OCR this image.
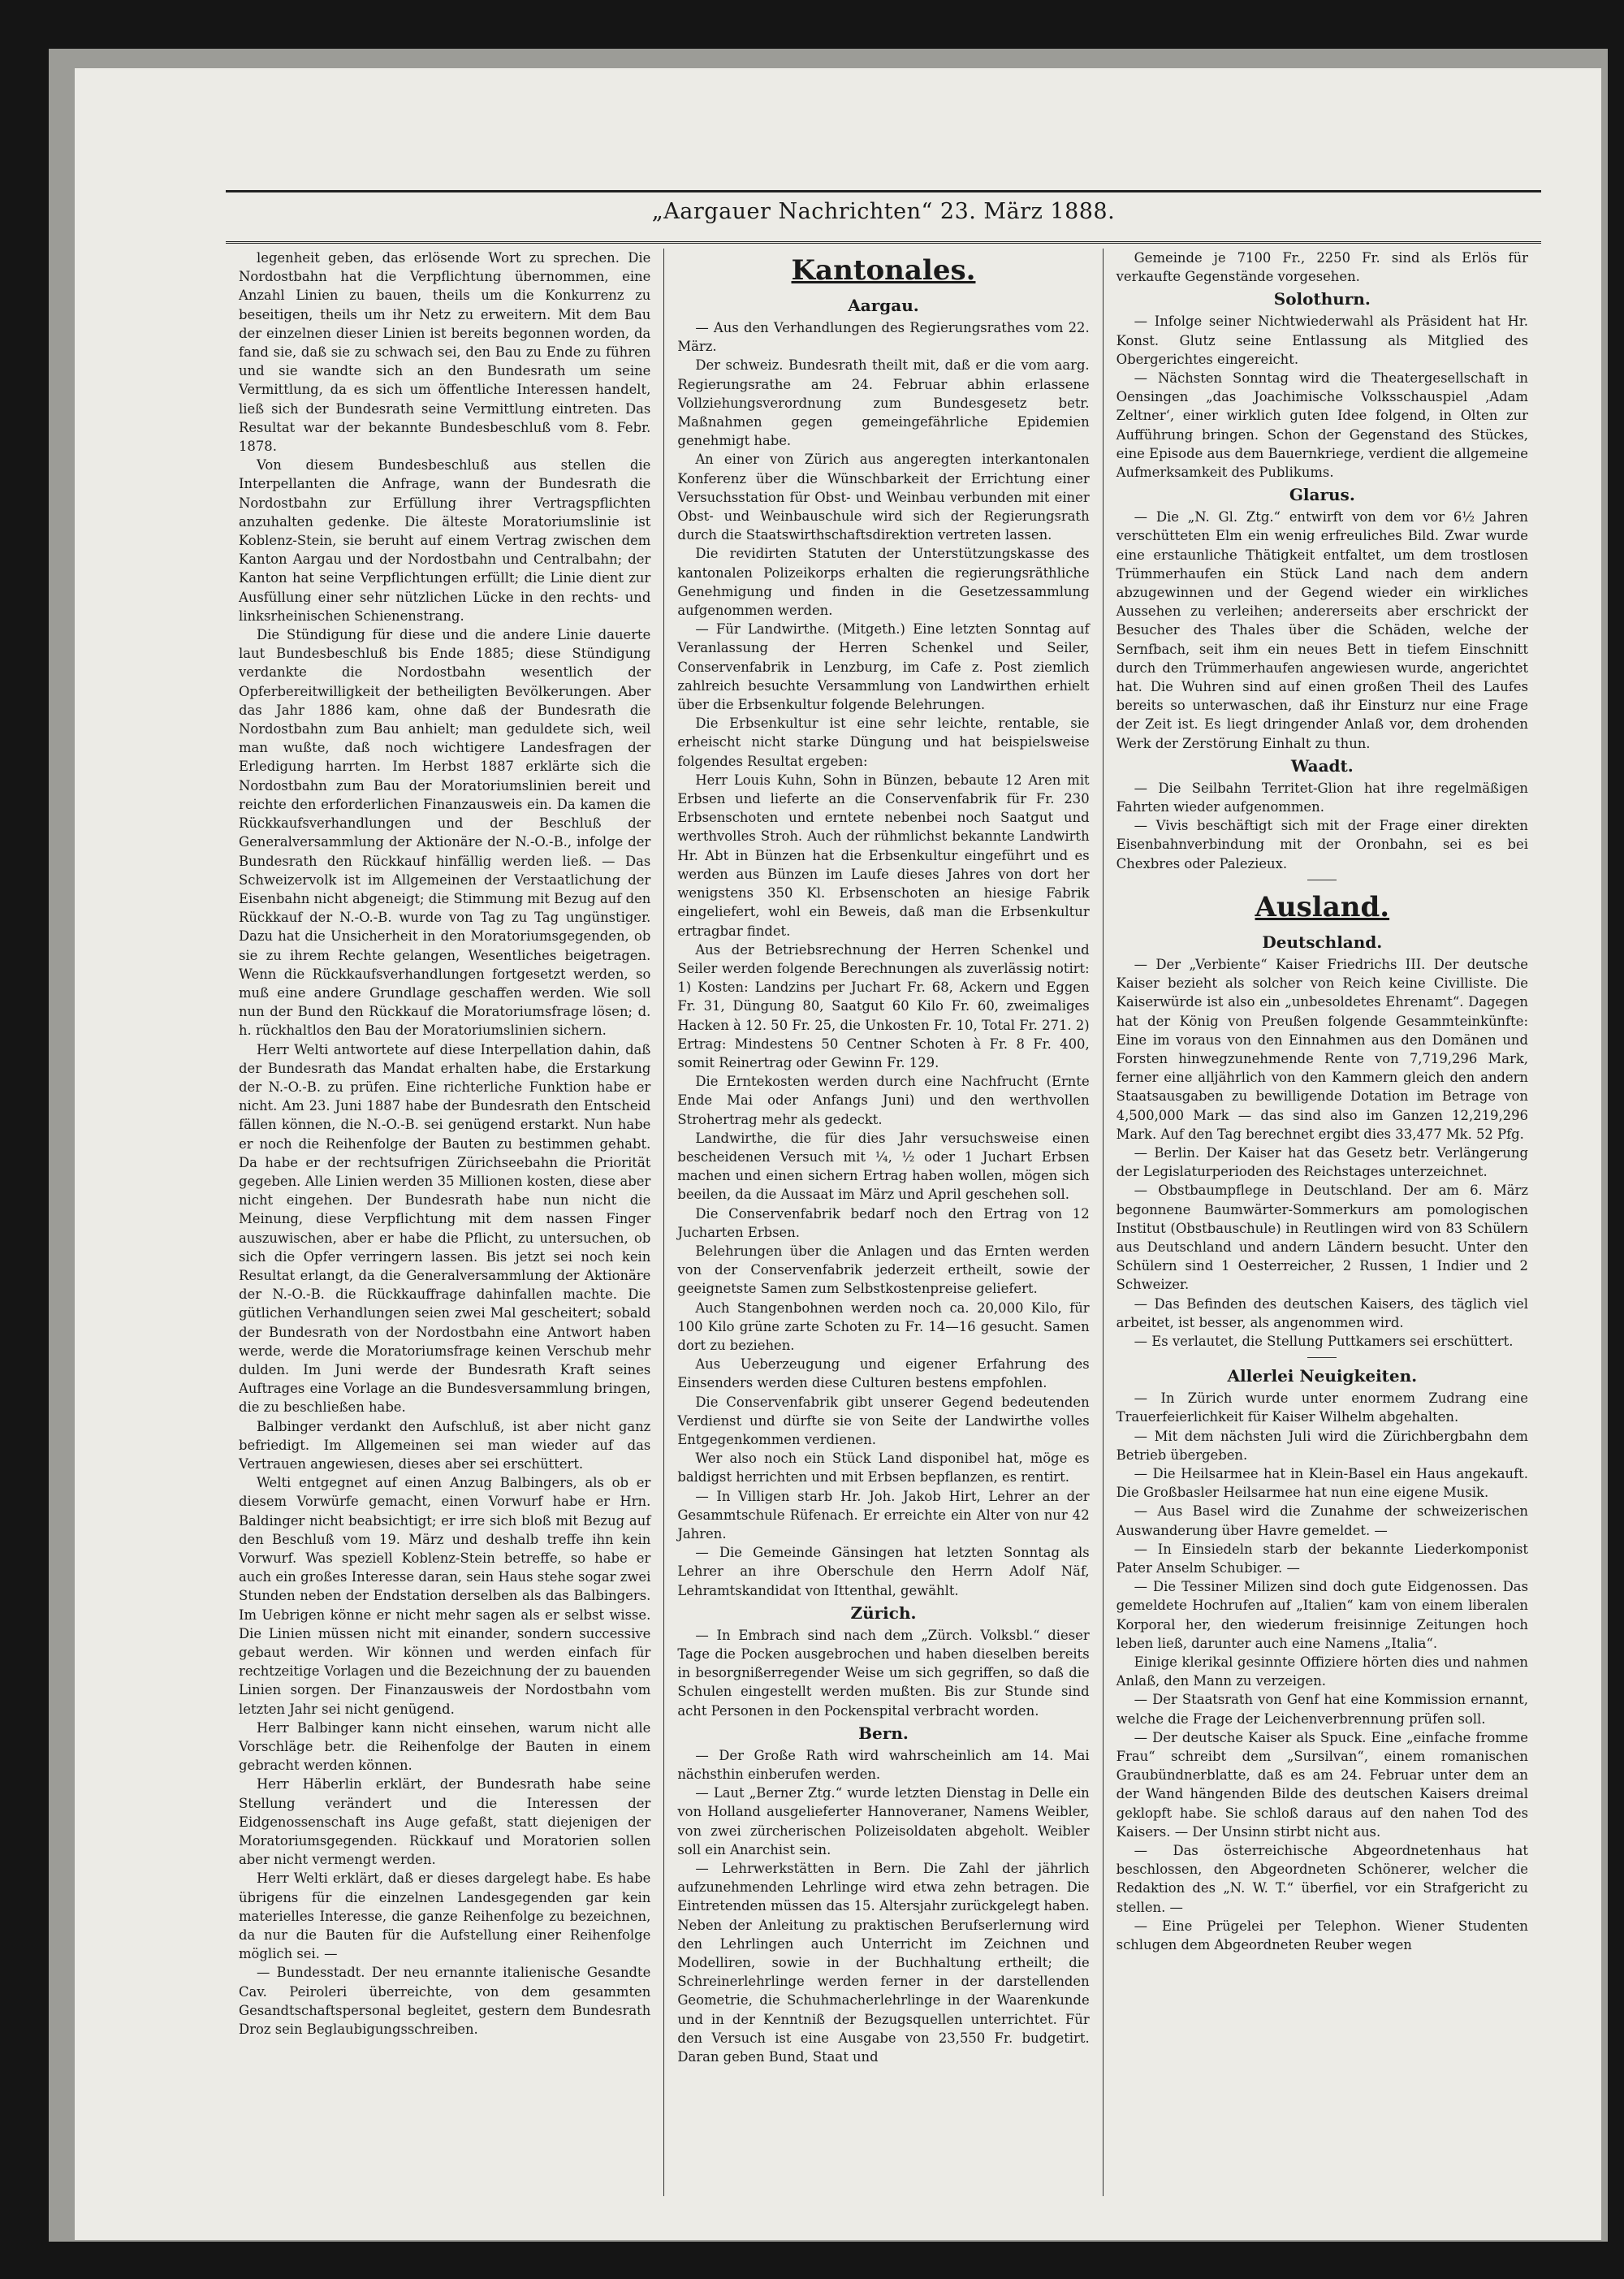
„Aargauer Nachrichten“ 23. März 1888.

legenheit geben, das erlösende Wort zu sprechen. Die Nordostbahn hat die Verpflichtung übernommen, eine Anzahl Linien zu bauen, theils um die Konkurrenz zu beseitigen, theils um ihr Netz zu erweitern. Mit dem Bau der einzelnen dieser Linien ist bereits begonnen worden, da fand sie, daß sie zu schwach sei, den Bau zu Ende zu führen und sie wandte sich an den Bundesrath um seine Vermittlung, da es sich um öffentliche Interessen handelt, ließ sich der Bundesrath seine Vermittlung eintreten. Das Resultat war der bekannte Bundesbeschluß vom 8. Febr. 1878.

Von diesem Bundesbeschluß aus stellen die Interpellanten die Anfrage, wann der Bundesrath die Nordostbahn zur Erfüllung ihrer Vertragspflichten anzuhalten gedenke. Die älteste Moratoriumslinie ist Koblenz-Stein, sie beruht auf einem Vertrag zwischen dem Kanton Aargau und der Nordostbahn und Centralbahn; der Kanton hat seine Verpflichtungen erfüllt; die Linie dient zur Ausfüllung einer sehr nützlichen Lücke in den rechts- und linksrheinischen Schienenstrang.

Die Stündigung für diese und die andere Linie dauerte laut Bundesbeschluß bis Ende 1885; diese Stündigung verdankte die Nordostbahn wesentlich der Opferbereitwilligkeit der betheiligten Bevölkerungen. Aber das Jahr 1886 kam, ohne daß der Bundesrath die Nordostbahn zum Bau anhielt; man geduldete sich, weil man wußte, daß noch wichtigere Landesfragen der Erledigung harrten. Im Herbst 1887 erklärte sich die Nordostbahn zum Bau der Moratoriumslinien bereit und reichte den erforderlichen Finanzausweis ein. Da kamen die Rückkaufsverhandlungen und der Beschluß der Generalversammlung der Aktionäre der N.-O.-B., infolge der Bundesrath den Rückkauf hinfällig werden ließ. — Das Schweizervolk ist im Allgemeinen der Verstaatlichung der Eisenbahn nicht abgeneigt; die Stimmung mit Bezug auf den Rückkauf der N.-O.-B. wurde von Tag zu Tag ungünstiger. Dazu hat die Unsicherheit in den Moratoriumsgegenden, ob sie zu ihrem Rechte gelangen, Wesentliches beigetragen. Wenn die Rückkaufsverhandlungen fortgesetzt werden, so muß eine andere Grundlage geschaffen werden. Wie soll nun der Bund den Rückkauf die Moratoriumsfrage lösen; d. h. rückhaltlos den Bau der Moratoriumslinien sichern.

Herr Welti antwortete auf diese Interpellation dahin, daß der Bundesrath das Mandat erhalten habe, die Erstarkung der N.-O.-B. zu prüfen. Eine richterliche Funktion habe er nicht. Am 23. Juni 1887 habe der Bundesrath den Entscheid fällen können, die N.-O.-B. sei genügend erstarkt. Nun habe er noch die Reihenfolge der Bauten zu bestimmen gehabt. Da habe er der rechtsufrigen Zürichseebahn die Priorität gegeben. Alle Linien werden 35 Millionen kosten, diese aber nicht eingehen. Der Bundesrath habe nun nicht die Meinung, diese Verpflichtung mit dem nassen Finger auszuwischen, aber er habe die Pflicht, zu untersuchen, ob sich die Opfer verringern lassen. Bis jetzt sei noch kein Resultat erlangt, da die Generalversammlung der Aktionäre der N.-O.-B. die Rückkauffrage dahinfallen machte. Die gütlichen Verhandlungen seien zwei Mal gescheitert; sobald der Bundesrath von der Nordostbahn eine Antwort haben werde, werde die Moratoriumsfrage keinen Verschub mehr dulden. Im Juni werde der Bundesrath Kraft seines Auftrages eine Vorlage an die Bundesversammlung bringen, die zu beschließen habe.

Balbinger verdankt den Aufschluß, ist aber nicht ganz befriedigt. Im Allgemeinen sei man wieder auf das Vertrauen angewiesen, dieses aber sei erschüttert.

Welti entgegnet auf einen Anzug Balbingers, als ob er diesem Vorwürfe gemacht, einen Vorwurf habe er Hrn. Baldinger nicht beabsichtigt; er irre sich bloß mit Bezug auf den Beschluß vom 19. März und deshalb treffe ihn kein Vorwurf. Was speziell Koblenz-Stein betreffe, so habe er auch ein großes Interesse daran, sein Haus stehe sogar zwei Stunden neben der Endstation derselben als das Balbingers. Im Uebrigen könne er nicht mehr sagen als er selbst wisse. Die Linien müssen nicht mit einander, sondern successive gebaut werden. Wir können und werden einfach für rechtzeitige Vorlagen und die Bezeichnung der zu bauenden Linien sorgen. Der Finanzausweis der Nordostbahn vom letzten Jahr sei nicht genügend.

Herr Balbinger kann nicht einsehen, warum nicht alle Vorschläge betr. die Reihenfolge der Bauten in einem gebracht werden können.

Herr Häberlin erklärt, der Bundesrath habe seine Stellung verändert und die Interessen der Eidgenossenschaft ins Auge gefaßt, statt diejenigen der Moratoriumsgegenden. Rückkauf und Moratorien sollen aber nicht vermengt werden.

Herr Welti erklärt, daß er dieses dargelegt habe. Es habe übrigens für die einzelnen Landesgegenden gar kein materielles Interesse, die ganze Reihenfolge zu bezeichnen, da nur die Bauten für die Aufstellung einer Reihenfolge möglich sei. —

— Bundesstadt. Der neu ernannte italienische Gesandte Cav. Peiroleri überreichte, von dem gesammten Gesandtschaftspersonal begleitet, gestern dem Bundesrath Droz sein Beglaubigungsschreiben.

Kantonales.
Aargau.

— Aus den Verhandlungen des Regierungsrathes vom 22. März.

Der schweiz. Bundesrath theilt mit, daß er die vom aarg. Regierungsrathe am 24. Februar abhin erlassene Vollziehungsverordnung zum Bundesgesetz betr. Maßnahmen gegen gemeingefährliche Epidemien genehmigt habe.

An einer von Zürich aus angeregten interkantonalen Konferenz über die Wünschbarkeit der Errichtung einer Versuchsstation für Obst- und Weinbau verbunden mit einer Obst- und Weinbauschule wird sich der Regierungsrath durch die Staatswirthschaftsdirektion vertreten lassen.

Die revidirten Statuten der Unterstützungskasse des kantonalen Polizeikorps erhalten die regierungsräthliche Genehmigung und finden in die Gesetzessammlung aufgenommen werden.

— Für Landwirthe. (Mitgeth.) Eine letzten Sonntag auf Veranlassung der Herren Schenkel und Seiler, Conservenfabrik in Lenzburg, im Cafe z. Post ziemlich zahlreich besuchte Versammlung von Landwirthen erhielt über die Erbsenkultur folgende Belehrungen.

Die Erbsenkultur ist eine sehr leichte, rentable, sie erheischt nicht starke Düngung und hat beispielsweise folgendes Resultat ergeben:

Herr Louis Kuhn, Sohn in Bünzen, bebaute 12 Aren mit Erbsen und lieferte an die Conservenfabrik für Fr. 230 Erbsenschoten und erntete nebenbei noch Saatgut und werthvolles Stroh. Auch der rühmlichst bekannte Landwirth Hr. Abt in Bünzen hat die Erbsenkultur eingeführt und es werden aus Bünzen im Laufe dieses Jahres von dort her wenigstens 350 Kl. Erbsenschoten an hiesige Fabrik eingeliefert, wohl ein Beweis, daß man die Erbsenkultur ertragbar findet.

Aus der Betriebsrechnung der Herren Schenkel und Seiler werden folgende Berechnungen als zuverlässig notirt: 1) Kosten: Landzins per Juchart Fr. 68, Ackern und Eggen Fr. 31, Düngung 80, Saatgut 60 Kilo Fr. 60, zweimaliges Hacken à 12. 50 Fr. 25, die Unkosten Fr. 10, Total Fr. 271. 2) Ertrag: Mindestens 50 Centner Schoten à Fr. 8 Fr. 400, somit Reinertrag oder Gewinn Fr. 129.

Die Erntekosten werden durch eine Nachfrucht (Ernte Ende Mai oder Anfangs Juni) und den werthvollen Strohertrag mehr als gedeckt.

Landwirthe, die für dies Jahr versuchsweise einen bescheidenen Versuch mit ¼, ½ oder 1 Juchart Erbsen machen und einen sichern Ertrag haben wollen, mögen sich beeilen, da die Aussaat im März und April geschehen soll.

Die Conservenfabrik bedarf noch den Ertrag von 12 Jucharten Erbsen.

Belehrungen über die Anlagen und das Ernten werden von der Conservenfabrik jederzeit ertheilt, sowie der geeignetste Samen zum Selbstkostenpreise geliefert.

Auch Stangenbohnen werden noch ca. 20,000 Kilo, für 100 Kilo grüne zarte Schoten zu Fr. 14—16 gesucht. Samen dort zu beziehen.

Aus Ueberzeugung und eigener Erfahrung des Einsenders werden diese Culturen bestens empfohlen.

Die Conservenfabrik gibt unserer Gegend bedeutenden Verdienst und dürfte sie von Seite der Landwirthe volles Entgegenkommen verdienen.

Wer also noch ein Stück Land disponibel hat, möge es baldigst herrichten und mit Erbsen bepflanzen, es rentirt.

— In Villigen starb Hr. Joh. Jakob Hirt, Lehrer an der Gesammtschule Rüfenach. Er erreichte ein Alter von nur 42 Jahren.

— Die Gemeinde Gänsingen hat letzten Sonntag als Lehrer an ihre Oberschule den Herrn Adolf Näf, Lehramtskandidat von Ittenthal, gewählt.

Zürich.

— In Embrach sind nach dem „Zürch. Volksbl.“ dieser Tage die Pocken ausgebrochen und haben dieselben bereits in besorgnißerregender Weise um sich gegriffen, so daß die Schulen eingestellt werden mußten. Bis zur Stunde sind acht Personen in den Pockenspital verbracht worden.

Bern.

— Der Große Rath wird wahrscheinlich am 14. Mai nächsthin einberufen werden.

— Laut „Berner Ztg.“ wurde letzten Dienstag in Delle ein von Holland ausgelieferter Hannoveraner, Namens Weibler, von zwei zürcherischen Polizeisoldaten abgeholt. Weibler soll ein Anarchist sein.

— Lehrwerkstätten in Bern. Die Zahl der jährlich aufzunehmenden Lehrlinge wird etwa zehn betragen. Die Eintretenden müssen das 15. Altersjahr zurückgelegt haben. Neben der Anleitung zu praktischen Berufserlernung wird den Lehrlingen auch Unterricht im Zeichnen und Modelliren, sowie in der Buchhaltung ertheilt; die Schreinerlehrlinge werden ferner in der darstellenden Geometrie, die Schuhmacherlehrlinge in der Waarenkunde und in der Kenntniß der Bezugsquellen unterrichtet. Für den Versuch ist eine Ausgabe von 23,550 Fr. budgetirt. Daran geben Bund, Staat und

Gemeinde je 7100 Fr., 2250 Fr. sind als Erlös für verkaufte Gegenstände vorgesehen.

Solothurn.

— Infolge seiner Nichtwiederwahl als Präsident hat Hr. Konst. Glutz seine Entlassung als Mitglied des Obergerichtes eingereicht.

— Nächsten Sonntag wird die Theatergesellschaft in Oensingen „das Joachimische Volksschauspiel ‚Adam Zeltner‘, einer wirklich guten Idee folgend, in Olten zur Aufführung bringen. Schon der Gegenstand des Stückes, eine Episode aus dem Bauernkriege, verdient die allgemeine Aufmerksamkeit des Publikums.

Glarus.

— Die „N. Gl. Ztg.“ entwirft von dem vor 6½ Jahren verschütteten Elm ein wenig erfreuliches Bild. Zwar wurde eine erstaunliche Thätigkeit entfaltet, um dem trostlosen Trümmerhaufen ein Stück Land nach dem andern abzugewinnen und der Gegend wieder ein wirkliches Aussehen zu verleihen; andererseits aber erschrickt der Besucher des Thales über die Schäden, welche der Sernfbach, seit ihm ein neues Bett in tiefem Einschnitt durch den Trümmerhaufen angewiesen wurde, angerichtet hat. Die Wuhren sind auf einen großen Theil des Laufes bereits so unterwaschen, daß ihr Einsturz nur eine Frage der Zeit ist. Es liegt dringender Anlaß vor, dem drohenden Werk der Zerstörung Einhalt zu thun.

Waadt.

— Die Seilbahn Territet-Glion hat ihre regelmäßigen Fahrten wieder aufgenommen.

— Vivis beschäftigt sich mit der Frage einer direkten Eisenbahnverbindung mit der Oronbahn, sei es bei Chexbres oder Palezieux.

Ausland.
Deutschland.

— Der „Verbiente“ Kaiser Friedrichs III. Der deutsche Kaiser bezieht als solcher von Reich keine Civilliste. Die Kaiserwürde ist also ein „unbesoldetes Ehrenamt“. Dagegen hat der König von Preußen folgende Gesammteinkünfte: Eine im voraus von den Einnahmen aus den Domänen und Forsten hinwegzunehmende Rente von 7,719,296 Mark, ferner eine alljährlich von den Kammern gleich den andern Staatsausgaben zu bewilligende Dotation im Betrage von 4,500,000 Mark — das sind also im Ganzen 12,219,296 Mark. Auf den Tag berechnet ergibt dies 33,477 Mk. 52 Pfg.

— Berlin. Der Kaiser hat das Gesetz betr. Verlängerung der Legislaturperioden des Reichstages unterzeichnet.

— Obstbaumpflege in Deutschland. Der am 6. März begonnene Baumwärter-Sommerkurs am pomologischen Institut (Obstbauschule) in Reutlingen wird von 83 Schülern aus Deutschland und andern Ländern besucht. Unter den Schülern sind 1 Oesterreicher, 2 Russen, 1 Indier und 2 Schweizer.

— Das Befinden des deutschen Kaisers, des täglich viel arbeitet, ist besser, als angenommen wird.

— Es verlautet, die Stellung Puttkamers sei erschüttert.

Allerlei Neuigkeiten.

— In Zürich wurde unter enormem Zudrang eine Trauerfeierlichkeit für Kaiser Wilhelm abgehalten.

— Mit dem nächsten Juli wird die Zürichbergbahn dem Betrieb übergeben.

— Die Heilsarmee hat in Klein-Basel ein Haus angekauft. Die Großbasler Heilsarmee hat nun eine eigene Musik.

— Aus Basel wird die Zunahme der schweizerischen Auswanderung über Havre gemeldet. —

— In Einsiedeln starb der bekannte Liederkomponist Pater Anselm Schubiger. —

— Die Tessiner Milizen sind doch gute Eidgenossen. Das gemeldete Hochrufen auf „Italien“ kam von einem liberalen Korporal her, den wiederum freisinnige Zeitungen hoch leben ließ, darunter auch eine Namens „Italia“.

Einige klerikal gesinnte Offiziere hörten dies und nahmen Anlaß, den Mann zu verzeigen.

— Der Staatsrath von Genf hat eine Kommission ernannt, welche die Frage der Leichenverbrennung prüfen soll.

— Der deutsche Kaiser als Spuck. Eine „einfache fromme Frau“ schreibt dem „Sursilvan“, einem romanischen Graubündnerblatte, daß es am 24. Februar unter dem an der Wand hängenden Bilde des deutschen Kaisers dreimal geklopft habe. Sie schloß daraus auf den nahen Tod des Kaisers. — Der Unsinn stirbt nicht aus.

— Das österreichische Abgeordnetenhaus hat beschlossen, den Abgeordneten Schönerer, welcher die Redaktion des „N. W. T.“ überfiel, vor ein Strafgericht zu stellen. —

— Eine Prügelei per Telephon. Wiener Studenten schlugen dem Abgeordneten Reuber wegen
